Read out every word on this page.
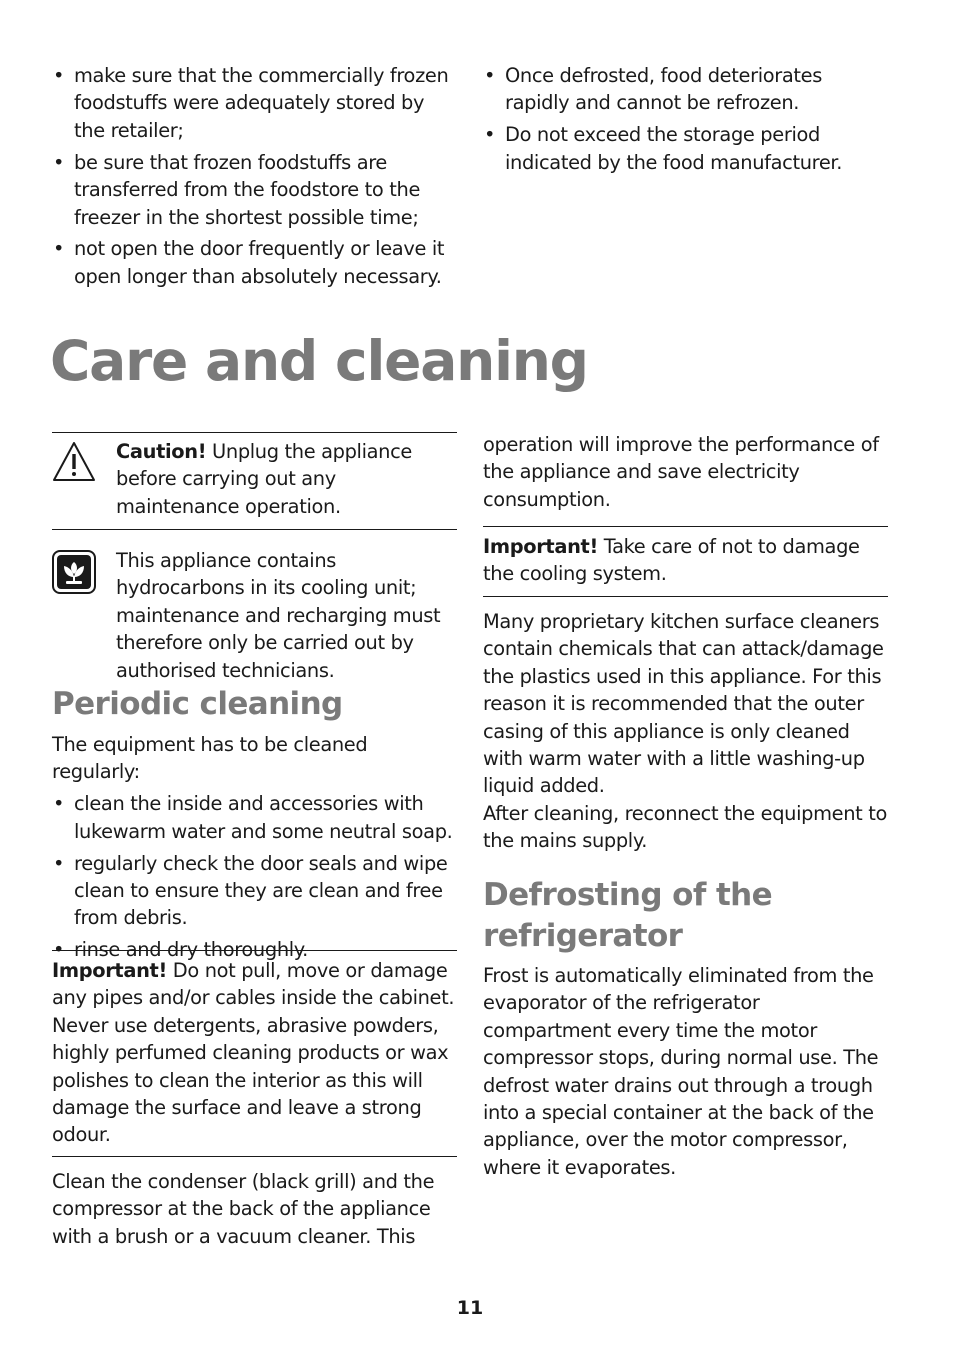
• make sure that the commercially frozen foodstuffs were adequately stored by the retailer;
• be sure that frozen foodstuffs are transferred from the foodstore to the freezer in the shortest possible time;
• not open the door frequently or leave it open longer than absolutely necessary.
• Once defrosted, food deteriorates rapidly and cannot be refrozen.
• Do not exceed the storage period indicated by the food manufacturer.
Care and cleaning
Caution! Unplug the appliance before carrying out any maintenance operation.
This appliance contains hydrocarbons in its cooling unit; maintenance and recharging must therefore only be carried out by authorised technicians.
Periodic cleaning

The equipment has to be cleaned regularly:

• clean the inside and accessories with lukewarm water and some neutral soap.
• regularly check the door seals and wipe clean to ensure they are clean and free from debris.
• rinse and dry thoroughly.

Important! Do not pull, move or damage any pipes and/or cables inside the cabinet. Never use detergents, abrasive powders, highly perfumed cleaning products or wax polishes to clean the interior as this will damage the surface and leave a strong odour.

Clean the condenser (black grill) and the compressor at the back of the appliance with a brush or a vacuum cleaner. This

operation will improve the performance of the appliance and save electricity consumption.

Important! Take care of not to damage the cooling system.

Many proprietary kitchen surface cleaners contain chemicals that can attack/damage the plastics used in this appliance. For this reason it is recommended that the outer casing of this appliance is only cleaned with warm water with a little washing-up liquid added.

After cleaning, reconnect the equipment to the mains supply.

Defrosting of the refrigerator

Frost is automatically eliminated from the evaporator of the refrigerator compartment every time the motor compressor stops, during normal use. The defrost water drains out through a trough into a special container at the back of the appliance, over the motor compressor, where it evaporates.

11
